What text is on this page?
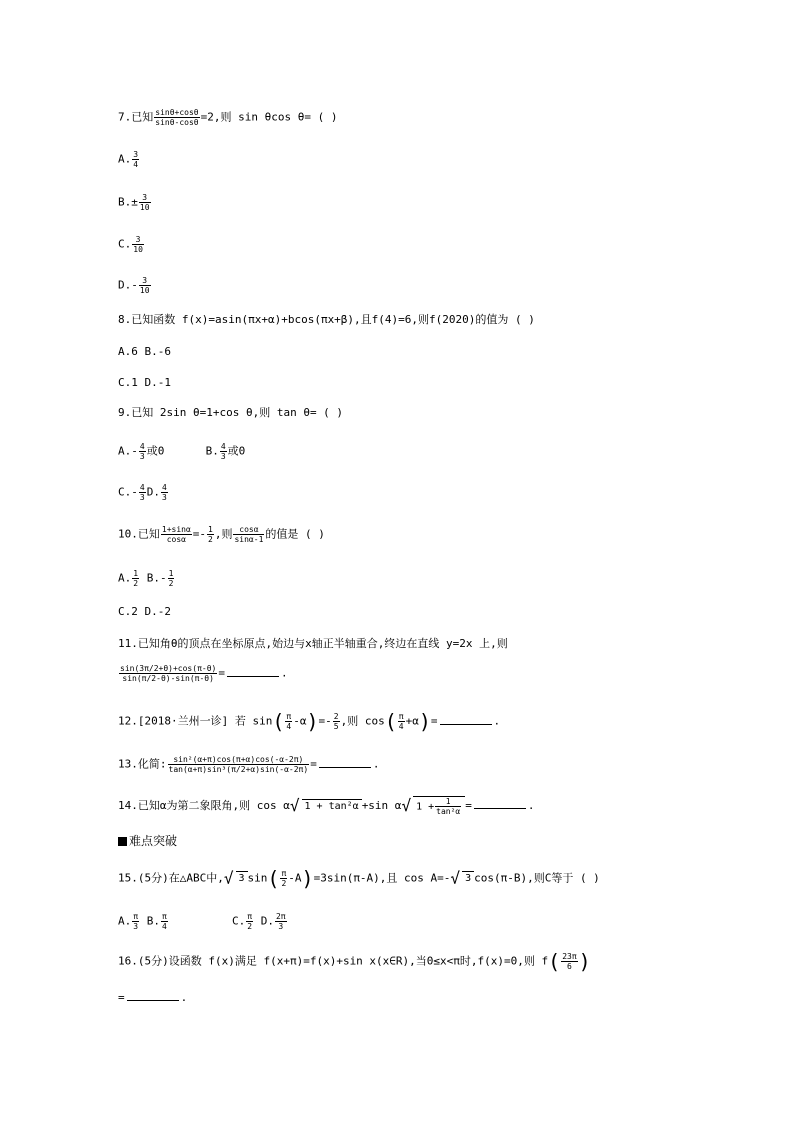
7.已知 $\frac{\sin\theta+\cos\theta}{\sin\theta-\cos\theta} =2$,则 sin θcos θ= ( )
A. $\frac{3}{4}$
$B.\pm \frac{3}{10}$
C. $\frac{3}{10}$
$D.- \frac{3}{10}$
8.已知函数 f(x)=asin(πx+α)+bcos(πx+β),且f(4)=6,则f(2020)的值为 ( )
A.6 B.-6
C.1 D.-1
9.已知 2sin θ=1+cos θ,则 tan θ= ( )
$A.- \frac{4}{3}$ 或0	B. $\frac{4}{3}$ 或0
$C.- \frac{4}{3} D$. $\frac{4}{3}$
10.已知 $\frac{1+\sin\alpha}{\cos\alpha} =- \frac{1}{2}$ ,则 $\frac{\cos\alpha}{\sin\alpha-1}$ 的值是 ( )
A. $\frac{1}{2} B.- \frac{1}{2}$
C.2 D.-2
11.已知角θ的顶点在坐标原点,始边与x轴正半轴重合,终边在直线 y=2x 上,则
$\frac{\sin(3\pi/2+\theta)+\cos(\pi-\theta)}{\sin(\pi/2-\theta)-\sin(\pi-\theta)}$ =	.
12.[2018·兰州一诊] 若 $\sin( \frac{\pi}{4} -\alpha)=- \frac{2}{5}$ ,则 $\cos( \frac{\pi}{4} +\alpha)=$	.
13.化简: $\frac{\text{sin²(α+π)cos(π+α)cos(-α-2π)}}{\text{tan(α+π)sin³(π/2+α)sin(-α-2π)}}$ =	.
14.已知α为第二象限角,则 cos α√ 1 + tan²α +sin α√ $1 + \frac{1}{\text{tan²α}}$ =	.
难点突破
15.(5分)在△ABC中,√ 3 $\sin( \frac{\pi}{2} -A)=3\sin(\pi-A)$,且 cos A=-√ 3 cos(π-B),则C等于 ( )
A. $\frac{\pi}{3} B$. $\frac{\pi}{4}$	C. $\frac{\pi}{2} D$. $\frac{2\pi}{3}$
16.(5分)设函数 f(x)满足 f(x+π)=f(x)+sin x(x∈R),当0≤x<π时,f(x)=0,则 $f( \frac{23\pi}{6}$ )
=	.
